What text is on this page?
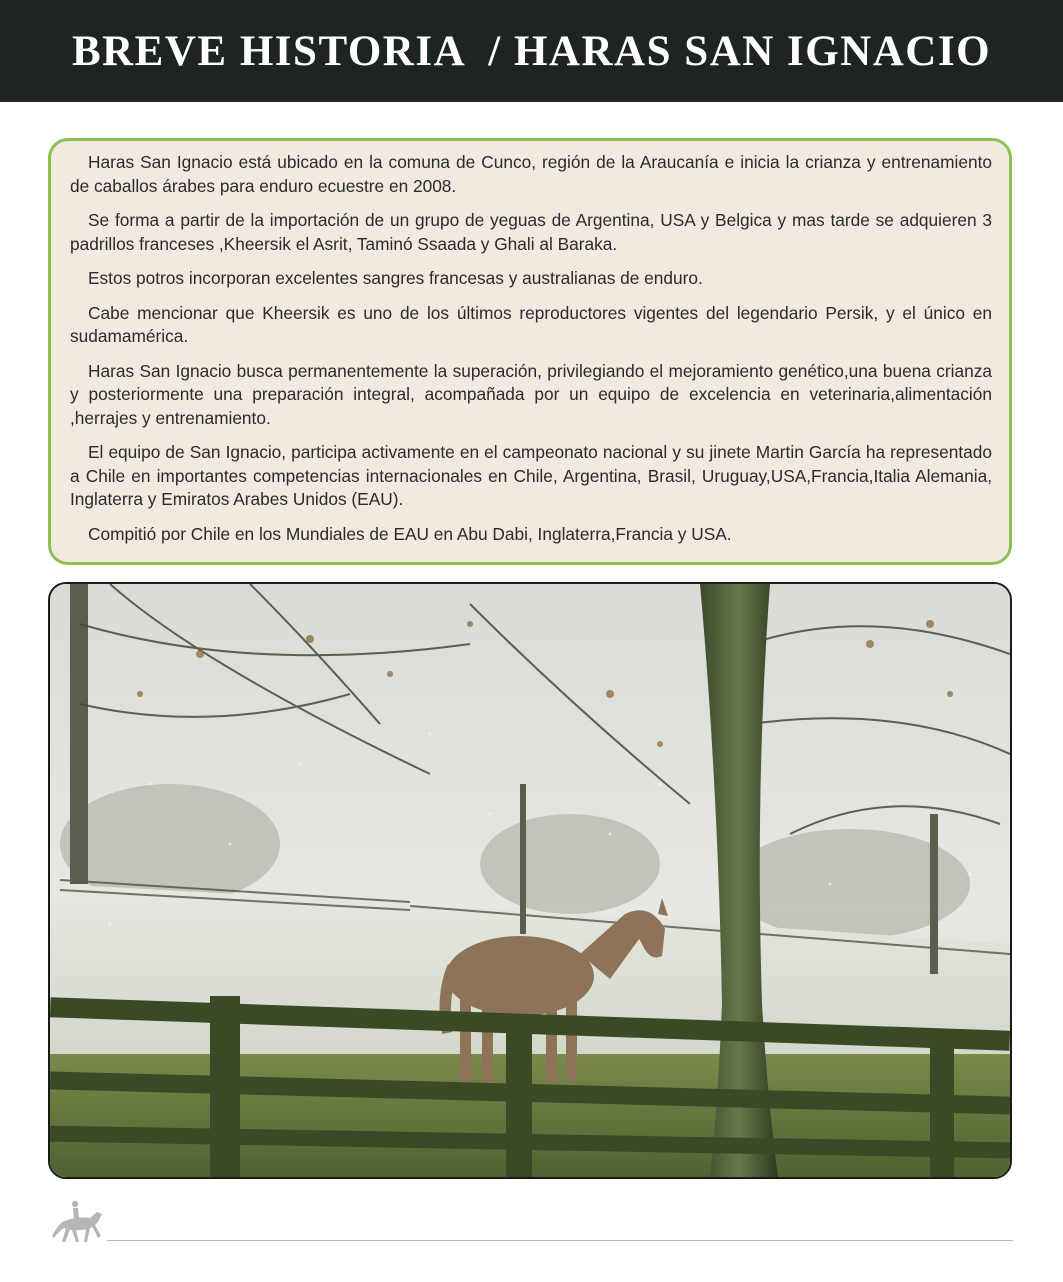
BREVE HISTORIA  / HARAS SAN IGNACIO

Haras San Ignacio está ubicado en la comuna de Cunco, región de la Araucanía e inicia la crianza y entrenamiento de caballos árabes para enduro ecuestre en 2008.

Se forma a partir de la importación de un grupo de yeguas de Argentina, USA y Belgica y mas tarde se adquieren 3 padrillos franceses ,Kheersik el Asrit, Taminó Ssaada y Ghali al Baraka.

Estos potros incorporan excelentes sangres francesas y australianas de enduro.

Cabe mencionar que Kheersik es uno de los últimos reproductores vigentes del legendario Persik, y el único en sudamamérica.

Haras San Ignacio busca permanentemente la superación, privilegiando el mejoramiento genético,una buena crianza y posteriormente una preparación integral, acompañada por un equipo de excelencia en veterinaria,alimentación ,herrajes y entrenamiento.

El equipo de San Ignacio, participa activamente en el campeonato nacional y su jinete Martin García ha representado a Chile en importantes competencias internacionales en Chile, Argentina, Brasil, Uruguay,USA,Francia,Italia Alemania, Inglaterra y Emiratos Arabes Unidos (EAU).

Compitió por Chile en los Mundiales de EAU en Abu Dabi, Inglaterra,Francia y USA.
